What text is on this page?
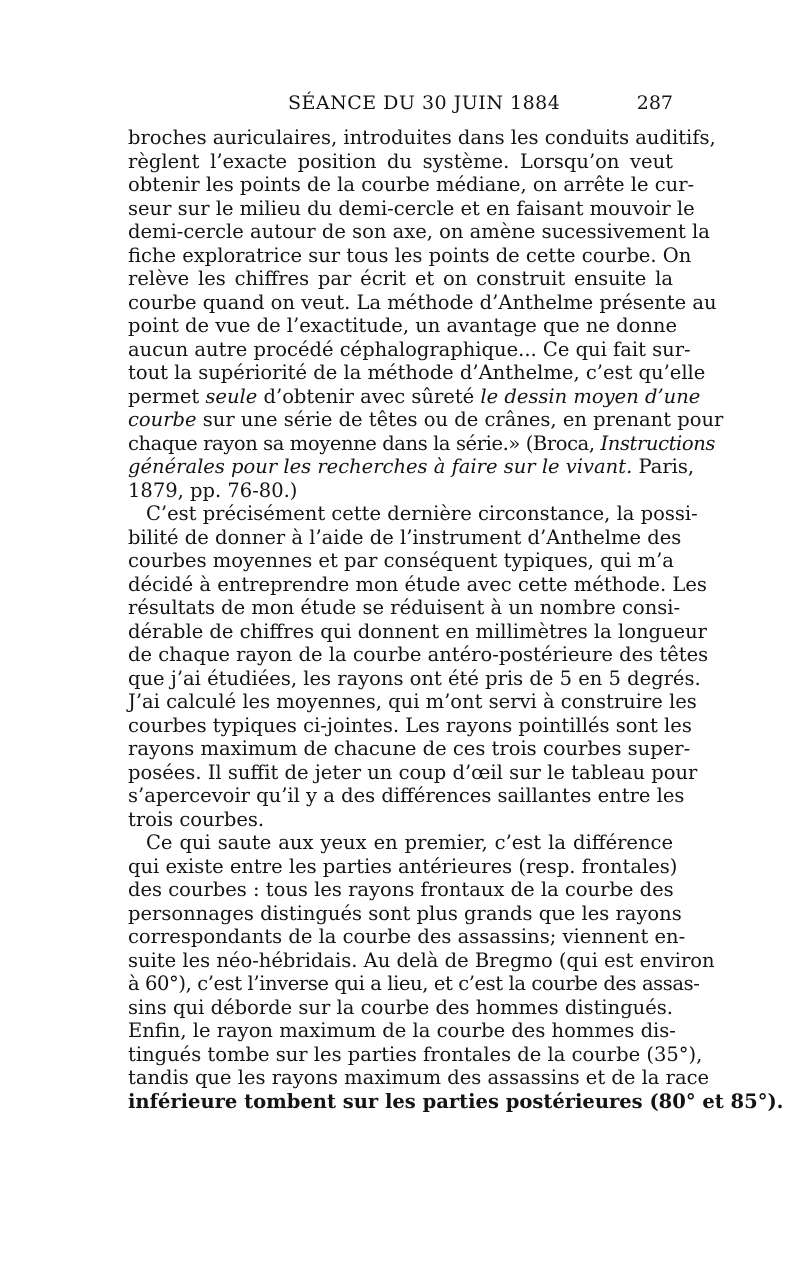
SÉANCE DU 30 JUIN 1884	287
broches auriculaires, introduites dans les conduits auditifs,
règlent l’exacte position du système. Lorsqu’on veut
obtenir les points de la courbe médiane, on arrête le cur-
seur sur le milieu du demi-cercle et en faisant mouvoir le
demi-cercle autour de son axe, on amène sucessivement la
fiche exploratrice sur tous les points de cette courbe. On
relève les chiffres par écrit et on construit ensuite la
courbe quand on veut. La méthode d’Anthelme présente au
point de vue de l’exactitude, un avantage que ne donne
aucun autre procédé céphalographique... Ce qui fait sur-
tout la supériorité de la méthode d’Anthelme, c’est qu’elle
permet seule d’obtenir avec sûreté le dessin moyen d’une
courbe sur une série de têtes ou de crânes, en prenant pour
chaque rayon sa moyenne dans la série.» (Broca, Instructions
générales pour les recherches à faire sur le vivant. Paris,
1879, pp. 76-80.)
C’est précisément cette dernière circonstance, la possi-
bilité de donner à l’aide de l’instrument d’Anthelme des
courbes moyennes et par conséquent typiques, qui m’a
décidé à entreprendre mon étude avec cette méthode. Les
résultats de mon étude se réduisent à un nombre consi-
dérable de chiffres qui donnent en millimètres la longueur
de chaque rayon de la courbe antéro-postérieure des têtes
que j’ai étudiées, les rayons ont été pris de 5 en 5 degrés.
J’ai calculé les moyennes, qui m’ont servi à construire les
courbes typiques ci-jointes. Les rayons pointillés sont les
rayons maximum de chacune de ces trois courbes super-
posées. Il suffit de jeter un coup d’œil sur le tableau pour
s’apercevoir qu’il y a des différences saillantes entre les
trois courbes.
Ce qui saute aux yeux en premier, c’est la différence
qui existe entre les parties antérieures (resp. frontales)
des courbes : tous les rayons frontaux de la courbe des
personnages distingués sont plus grands que les rayons
correspondants de la courbe des assassins; viennent en-
suite les néo-hébridais. Au delà de Bregmo (qui est environ
à 60°), c’est l’inverse qui a lieu, et c’est la courbe des assas-
sins qui déborde sur la courbe des hommes distingués.
Enfin, le rayon maximum de la courbe des hommes dis-
tingués tombe sur les parties frontales de la courbe (35°),
tandis que les rayons maximum des assassins et de la race
inférieure tombent sur les parties postérieures (80° et 85°).
